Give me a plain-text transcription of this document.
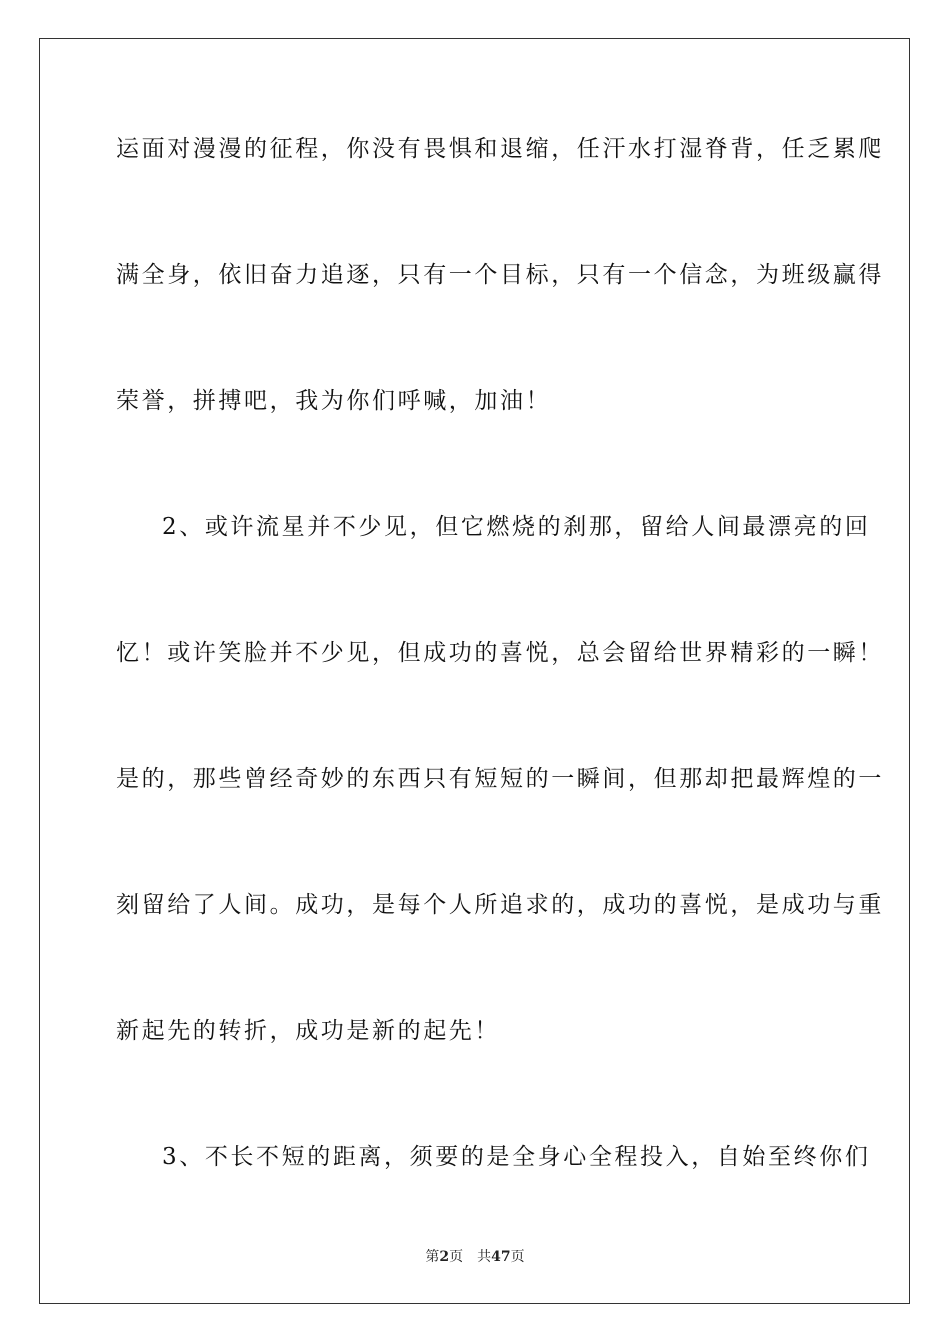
运面对漫漫的征程，你没有畏惧和退缩，任汗水打湿脊背，任乏累爬
满全身，依旧奋力追逐，只有一个目标，只有一个信念，为班级赢得
荣誉，拼搏吧，我为你们呼喊，加油！
2、或许流星并不少见，但它燃烧的刹那，留给人间最漂亮的回
忆！或许笑脸并不少见，但成功的喜悦，总会留给世界精彩的一瞬！
是的，那些曾经奇妙的东西只有短短的一瞬间，但那却把最辉煌的一
刻留给了人间。成功，是每个人所追求的，成功的喜悦，是成功与重
新起先的转折，成功是新的起先！
3、不长不短的距离，须要的是全身心全程投入，自始至终你们
第2页 共47页
